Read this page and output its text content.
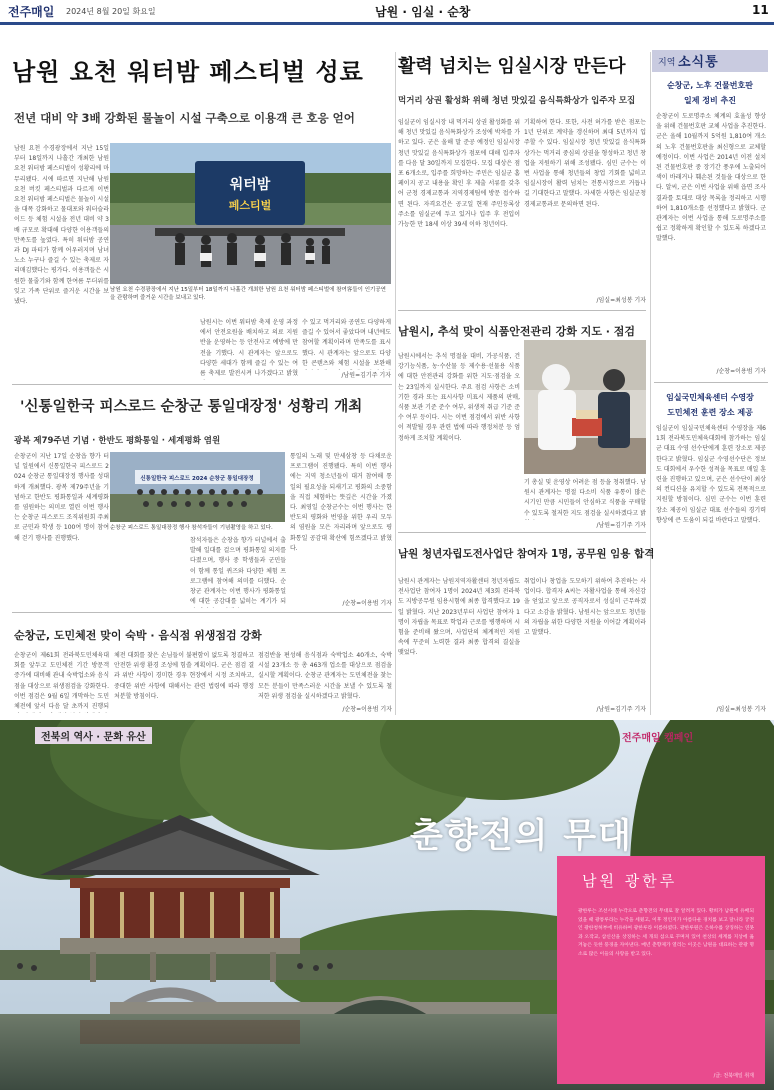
전주매일 2024년 8월 20일 화요일	남원 · 임실 · 순창	11
남원 요천 워터밤 페스티벌 성료
전년 대비 약 3배 강화된 물놀이 시설 구축으로 이용객 큰 호응 얻어
남원 요천 수경광장에서 지난 15일부터 18일까지 나흘간 개최한 남원 요천 워터밤 페스티벌이 성황리에 마무리됐다. 시에 따르면 지난해 남원 요천 버킷 페스티벌과 다르게 이번 요천 워터밤 페스티벌은 물놀이 시설을 대폭 강화하고 물대포와 워터슬라이드 등 체험 시설을 전년 대비 약 3배 규모로 확대해 다양한 이용객들의 만족도를 높였다. 특히 워터밤 공연과 DJ 파티가 함께 어우러지며 남녀노소 누구나 즐길 수 있는 축제로 자리매김했다는 평가다. 이용객들은 시원한 물줄기와 함께 한여름 무더위를 잊고 가족 단위로 즐거운 시간을 보냈다.
워터밤
페스티벌
남원 요천 수경광장에서 지난 15일부터 18일까지 나흘간 개최한 남원 요천 워터밤 페스티벌에 참여客들이 인기공연을 관람하며 즐거운 시간을 보내고 있다.
남원시는 이번 워터밤 축제 운영 과정에서 안전요원을 배치하고 의료 지원반을 운영하는 등 안전사고 예방에 만전을 기했다. 시 관계자는 앞으로도 다양한 세대가 함께 즐길 수 있는 여름 축제로 발전시켜 나가겠다고 밝혔
수 있고 먹거리와 공연도 다양하게 즐길 수 있어서 좋았다며 내년에도 참여할 계획이라며 만족도를 표시했다. 시 관계자는 앞으로도 다양한 콘텐츠와 체험 시설을 보완해
/남원=김기주 기자
'신통일한국 피스로드 순창군 통일대장정' 성황리 개최
광복 제79주년 기념 · 한반도 평화통일 · 세계평화 염원
순창군이 지난 17일 순창읍 향가 터널 일원에서 신통일한국 피스로드 2024 순창군 통일대장정 행사를 성대하게 개최했다. 광복 제79주년을 기념하고 한반도 평화통일과 세계평화를 염원하는 의미로 열린 이번 행사는 순창군 피스로드 조직위원회 주최로 군민과 학생 등 100여 명이 참여해 걷기 행사를 진행했다.
신통일한국 피스로드 2024 순창군 통일대장정
순창군 피스로드 통일대장정 행사 참석자들이 기념촬영을 하고 있다.
참석자들은 순창읍 향가 터널에서 출발해 일대를 걸으며 평화통일 의지를 다졌으며, 행사 중 학생들과 군민들이 함께 통일 퀴즈와 다양한 체험 프로그램에 참여해 의미를 더했다. 순창군 관계자는 이번 행사가 평화통일에 대한 공감대를 넓히는 계기가 되
통일의 노래 및 만세삼창 등 다채로운 프로그램이 진행됐다. 특히 이번 행사에는 지역 청소년들이 대거 참여해 통일의 필요성을 되새기고 평화의 소중함을 직접 체험하는 뜻깊은 시간을 가졌다. 최영일 순창군수는 이번 행사는 한반도의 평화와 번영을 위한 우리 모두의 염원을 모은 자리라며 앞으로도 평화통일 공감대 확산에 힘쓰겠다고 밝혔다.
/순창=이용범 기자
순창군, 도민체전 맞이 숙박 · 음식점 위생점검 강화
순창군이 제61회 전라북도민체육대회를 앞두고 도민체전 기간 방문객 증가에 대비해 관내 숙박업소와 음식점을 대상으로 위생점검을 강화한다. 이번 점검은 9월 6일 개막하는 도민체전에 앞서 다음 달 초까지 진행되
체전 대회를 찾은 손님들이 불편함이 없도록 청결하고 안전한 위생 환경 조성에 힘쓸 계획이다. 군은 점검 결과 위반 사항이 경미한 경우 현장에서 시정 조치하고, 중대한 위반 사항에 대해서는 관련 법령에 따라 행정처분할 방침이다.
점검반을 편성해 음식점과 숙박업소 40개소, 숙박시설 23개소 등 총 463개 업소를 대상으로 점검을 실시할 계획이다. 순창군 관계자는 도민체전을 찾는 모든 분들이 만족스러운 시간을 보낼 수 있도록 철저한 위생 점검을 실시하겠다고 밝혔다.
/순창=이용범 기자
활력 넘치는 임실시장 만든다
먹거리 상권 활성화 위해 청년 맛있길 음식특화상가 입주자 모집
임실군이 임실시장 내 먹거리 상권 활성화를 위해 청년 맛있길 음식특화상가 조성에 박차를 가하고 있다. 군은 올해 말 준공 예정인 임실시장 청년 맛있길 음식특화상가 점포에 대해 입주자를 다음 달 30일까지 모집한다. 모집 대상은 점포 6개소로, 입주를 희망하는 주민은 임실군 홈페이지 공고 내용을 확인 후 제출 서류를 갖추어 군청 경제교통과 지역경제팀에 방문 접수하면 된다. 자격요건은 공고일 현재 주민등록상 주소를 임실군에 두고 있거나 입주 후 전입이 가능한 만 18세 이상 39세 이하 청년이다.
기획하여 한다. 또한, 사전 허가를 받은 점포는 1년 단위로 계약을 갱신하며 최대 5년까지 입주할 수 있다. 임실시장 청년 맛있길 음식특화상가는 먹거리 중심의 상권을 형성하고 청년 창업을 지원하기 위해 조성됐다. 심민 군수는 이번 사업을 통해 청년들의 창업 기회를 넓히고 임실시장이 활력 넘치는 전통시장으로 거듭나길 기대한다고 말했다. 자세한 사항은 임실군청 경제교통과로 문의하면 된다.
/임실=최성봉 기자
남원시, 추석 맞이 식품안전관리 강화 지도 · 점검
남원시에서는 추석 명절을 대비, 가공식품, 건강기능식품, 농·수산물 등 제수용·선물용 식품에 대한 안전관리 강화를 위한 지도·점검을 오는 23일까지 실시한다. 주요 점검 사항은 소비기한 경과 또는 표시사항 미표시 제품의 판매, 식품 보관 기준 준수 여부, 위생적 취급 기준 준수 여부 등이다. 시는 이번 점검에서 위반 사항이 적발될 경우 관련 법에 따라 행정처분 등 엄정하게 조치할 계획이다.
기 총실 및 운영상 어려운 점 등을 청취했다. 남원시 관계자는 명절 다소비 식품 유통이 많은 시기인 만큼 시민들이 안심하고 식품을 구매할 수 있도록 철저한 지도 점검을 실시하겠다고 밝
/남원=김기주 기자
남원 청년자립도전사업단 참여자 1명, 공무원 임용 합격
남원시 관계자는 남원지역자활센터 청년자립도전사업단 참여자 1명이 2024년 제3회 전라북도 지방공무원 임용시험에 최종 합격했다고 19일 밝혔다. 지난 2023년부터 사업단 참여자 1명이 자립을 목표로 학업과 근로를 병행하며 시험을 준비해 왔으며, 사업단의 체계적인 지원 속에 꾸준히 노력한 결과 최종 합격의 결실을 맺었다.
취업이나 창업을 도모하기 위하여 추진하는 사업이다. 합격자 A씨는 자활사업을 통해 자신감을 얻었고 앞으로 공직자로서 성실히 근무하겠다고 소감을 밝혔다. 남원시는 앞으로도 청년들의 자립을 위한 다양한 지원을 이어갈 계획이라고 말했다.
/남원=김기주 기자
지역 소식통
순창군, 노후 건물번호판
일제 정비 추진
순창군이 도로명주소 체계의 효율성 향상을 위해 건물번호판 교체 사업을 추진한다. 군은 올해 10월까지 5억원 1,810여 개소의 노후 건물번호판을 최신형으로 교체할 예정이다. 이번 사업은 2014년 이전 설치된 건물번호판 중 장기간 풍우에 노출되어 색이 바래거나 훼손된 것들을 대상으로 한다. 알씨, 군은 이번 사업을 위해 읍면 조사 결과를 토대로 대상 목록을 정리하고 시행하여 1,810개소를 선정했다고 밝혔다. 군 관계자는 이번 사업을 통해 도로명주소를 쉽고 정확하게 확인할 수 있도록 하겠다고 말했다.
/순창=이용범 기자
임실국민체육센터 수영장
도민체전 훈련 장소 제공
임실군이 임실국민체육센터 수영장을 제61회 전라북도민체육대회에 참가하는 임실군 대표 수영 선수단에게 훈련 장소로 제공한다고 밝혔다. 임실군 수영선수단은 정보도 대회에서 우수한 성적을 목표로 매일 훈련을 진행하고 있으며, 군은 선수단이 최상의 컨디션을 유지할 수 있도록 전폭적으로 지원할 방침이다. 심민 군수는 이번 훈련 장소 제공이 임실군 대표 선수들의 경기력 향상에 큰 도움이 되길 바란다고 말했다.
/임실=최성봉 기자
전북의 역사 · 문화 유산	전주매일 캠페인
춘향전의 무대
남원 광한루
광한루는 조선시대 누각으로 춘향전의 무대로 잘 알려져 있다. 황희가 남원에 유배되었을 때 광통루라는 누각을 세웠고, 이후 정인지가 아름다운 경치를 보고 달나라 궁전인 광한청허부에 비유하여 광한루라 이름하였다. 광한루원은 은하수를 상징하는 연못과 오작교, 삼신산을 상징하는 세 개의 섬으로 꾸며져 있어 천상의 세계를 지상에 옮겨놓은 듯한 풍경을 자아낸다. 매년 춘향제가 열리는 이곳은 남원을 대표하는 관광 명소로 많은 이들의 사랑을 받고 있다.
/글: 전북매일 취재
